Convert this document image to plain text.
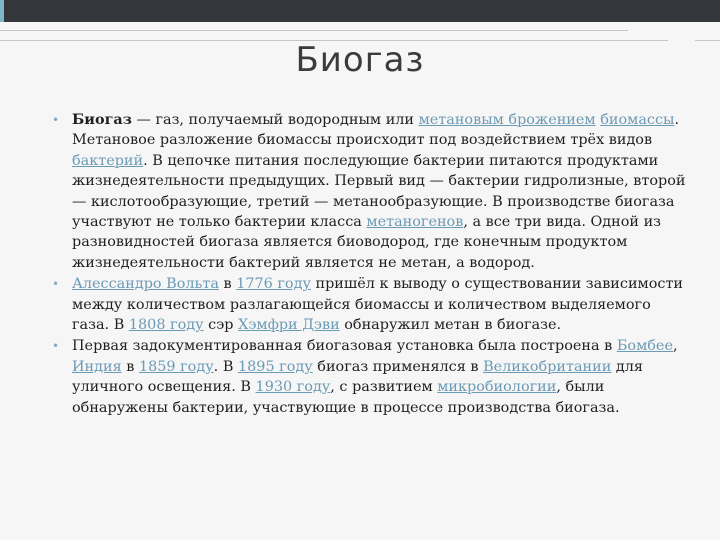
Биогаз
• Биогаз — газ, получаемый водородным или метановым брожением биомассы. Метановое разложение биомассы происходит под воздействием трёх видов бактерий. В цепочке питания последующие бактерии питаются продуктами жизнедеятельности предыдущих. Первый вид — бактерии гидролизные, второй — кислотообразующие, третий — метанообразующие. В производстве биогаза участвуют не только бактерии класса метаногенов, а все три вида. Одной из разновидностей биогаза является биоводород, где конечным продуктом жизнедеятельности бактерий является не метан, а водород.
• Алессандро Вольта в 1776 году пришёл к выводу о существовании зависимости между количеством разлагающейся биомассы и количеством выделяемого газа. В 1808 году сэр Хэмфри Дэви обнаружил метан в биогазе.
• Первая задокументированная биогазовая установка была построена в Бомбее, Индия в 1859 году. В 1895 году биогаз применялся в Великобритании для уличного освещения. В 1930 году, с развитием микробиологии, были обнаружены бактерии, участвующие в процессе производства биогаза.
